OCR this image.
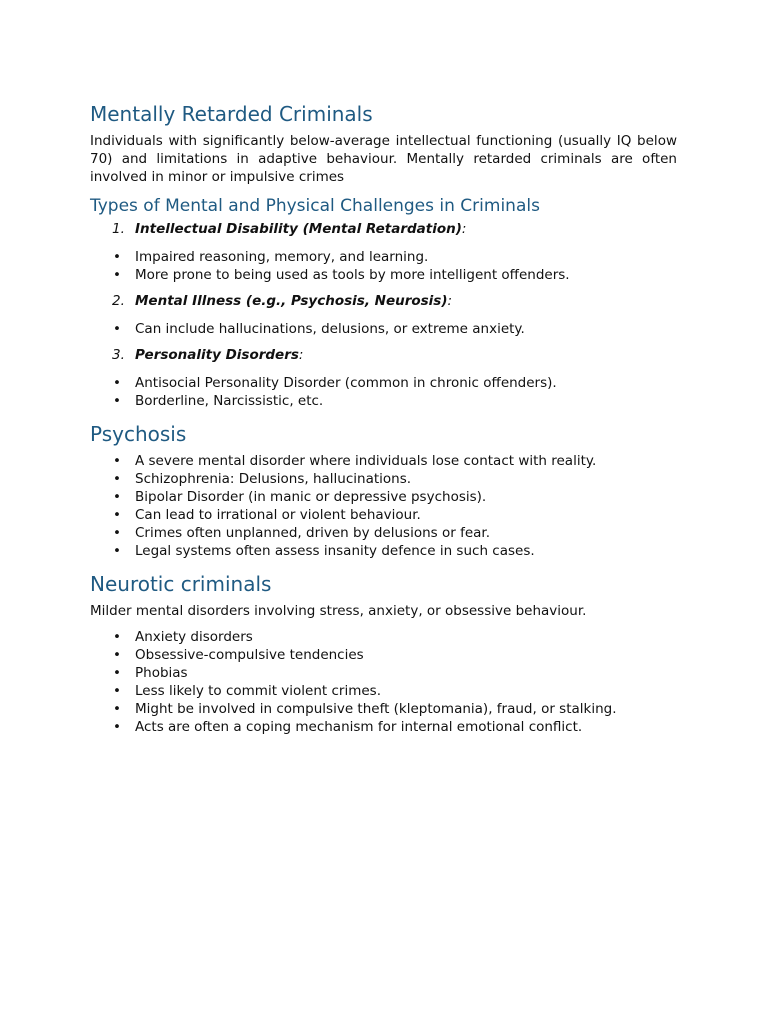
Mentally Retarded Criminals

Individuals with significantly below-average intellectual functioning (usually IQ below 70) and limitations in adaptive behaviour. Mentally retarded criminals are often involved in minor or impulsive crimes

Types of Mental and Physical Challenges in Criminals
1. Intellectual Disability (Mental Retardation):
• Impaired reasoning, memory, and learning.
• More prone to being used as tools by more intelligent offenders.
2. Mental Illness (e.g., Psychosis, Neurosis):
• Can include hallucinations, delusions, or extreme anxiety.
3. Personality Disorders:
• Antisocial Personality Disorder (common in chronic offenders).
• Borderline, Narcissistic, etc.
Psychosis
• A severe mental disorder where individuals lose contact with reality.
• Schizophrenia: Delusions, hallucinations.
• Bipolar Disorder (in manic or depressive psychosis).
• Can lead to irrational or violent behaviour.
• Crimes often unplanned, driven by delusions or fear.
• Legal systems often assess insanity defence in such cases.
Neurotic criminals

Milder mental disorders involving stress, anxiety, or obsessive behaviour.

• Anxiety disorders
• Obsessive-compulsive tendencies
• Phobias
• Less likely to commit violent crimes.
• Might be involved in compulsive theft (kleptomania), fraud, or stalking.
• Acts are often a coping mechanism for internal emotional conflict.
